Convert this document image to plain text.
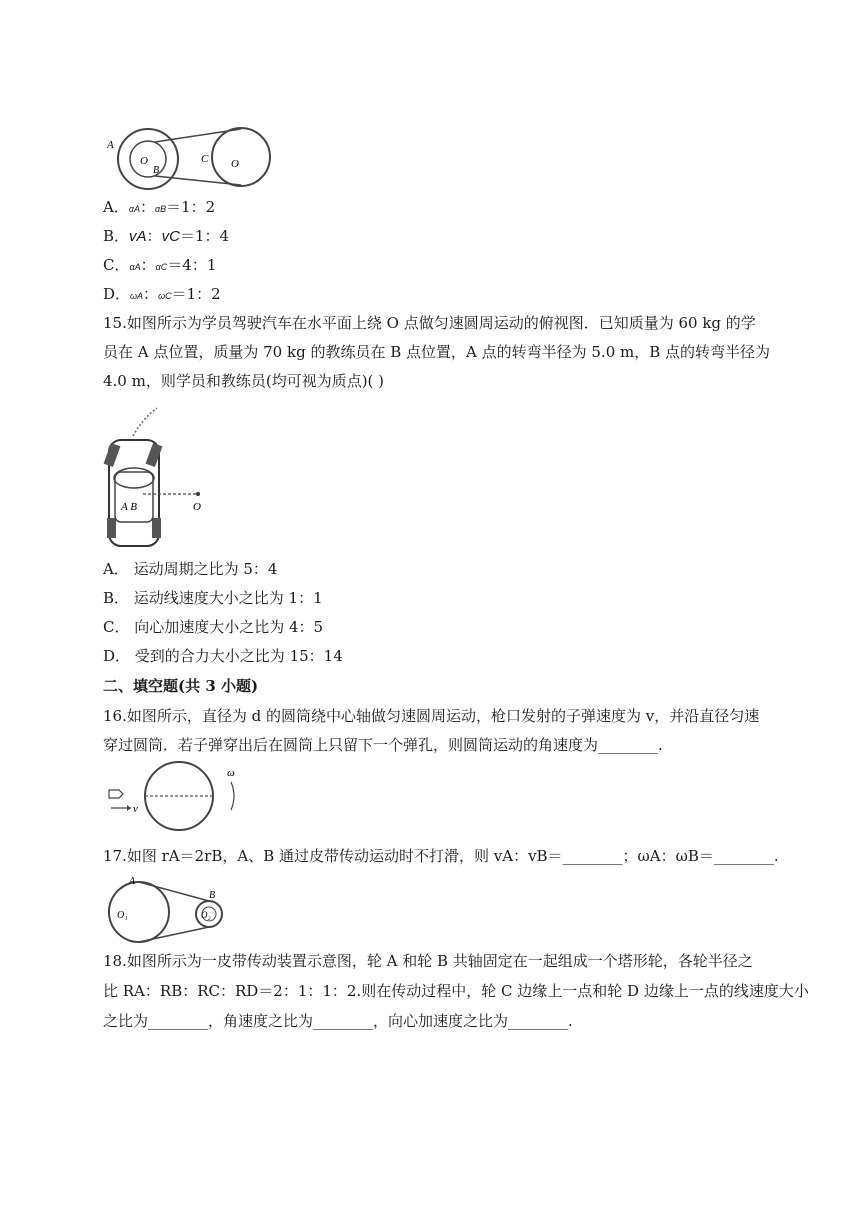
A
O
B
C O
A．αA：αB＝1：2
B．vA：vC＝1：4
C．αA：αC＝4：1
D．ωA：ωC＝1：2
15.如图所示为学员驾驶汽车在水平面上绕 O 点做匀速圆周运动的俯视图．已知质量为 60 kg 的学
员在 A 点位置，质量为 70 kg 的教练员在 B 点位置，A 点的转弯半径为 5.0 m，B 点的转弯半径为
4.0 m，则学员和教练员(均可视为质点)( )
A B	O
A． 运动周期之比为 5：4
B． 运动线速度大小之比为 1：1
C． 向心加速度大小之比为 4：5
D． 受到的合力大小之比为 15：14
二、填空题(共 3 小题)
16.如图所示，直径为 d 的圆筒绕中心轴做匀速圆周运动，枪口发射的子弹速度为 v，并沿直径匀速
穿过圆筒．若子弹穿出后在圆筒上只留下一个弹孔，则圆筒运动的角速度为________.
ω
v
17.如图 rA＝2rB，A、B 通过皮带传动运动时不打滑，则 vA：vB＝________；ωA：ωB＝________.
A
B
O₁	O₂
18.如图所示为一皮带传动装置示意图，轮 A 和轮 B 共轴固定在一起组成一个塔形轮，各轮半径之
比 RA：RB：RC：RD＝2：1：1：2.则在传动过程中，轮 C 边缘上一点和轮 D 边缘上一点的线速度大小
之比为________，角速度之比为________，向心加速度之比为________.
